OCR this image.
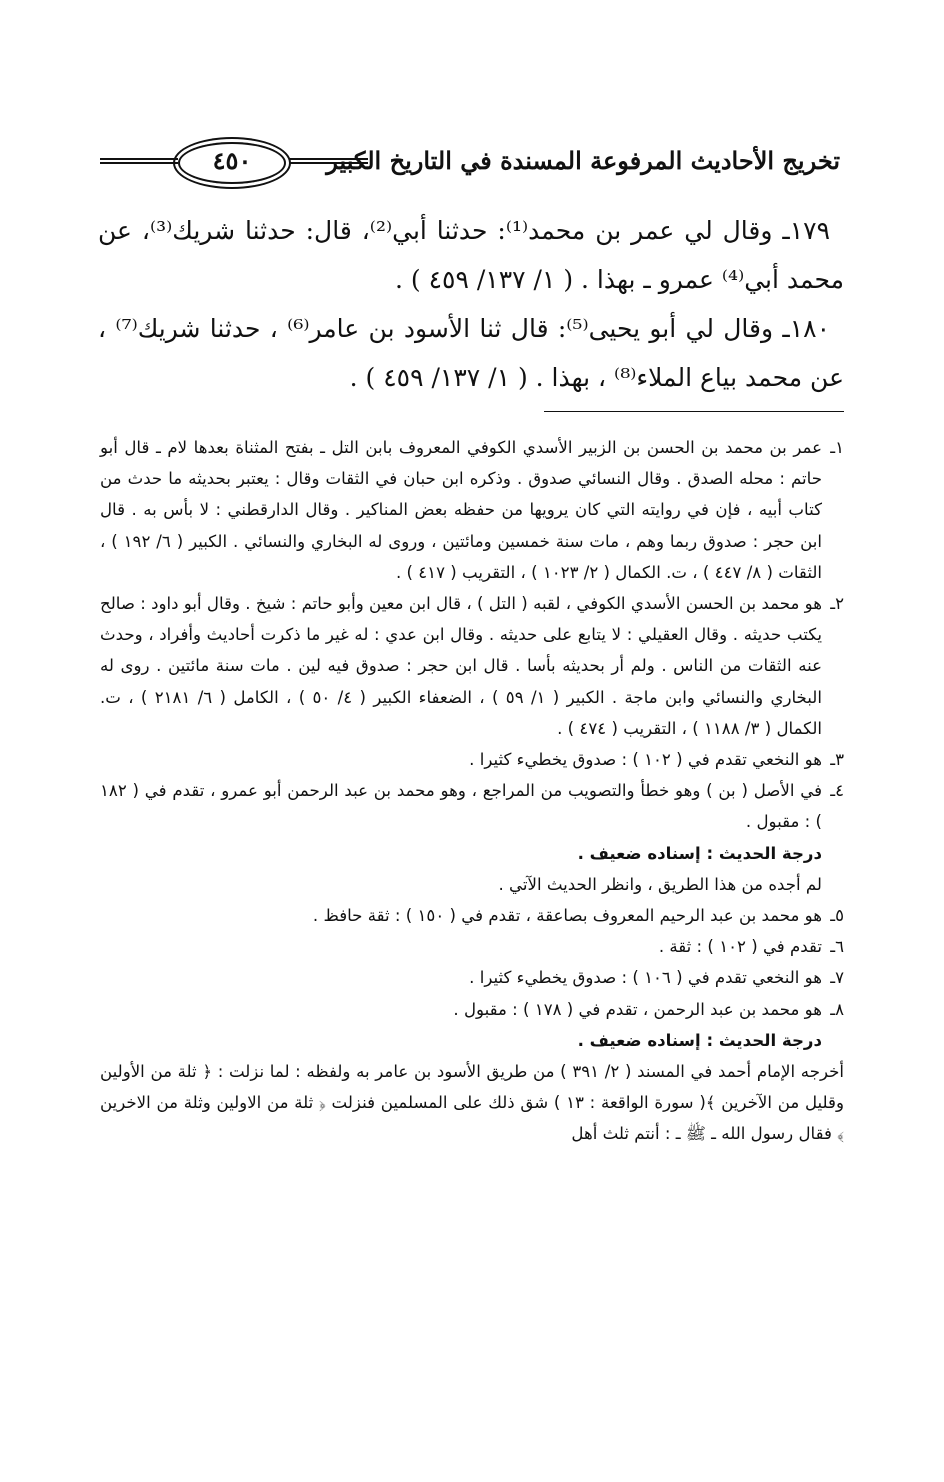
تخريج الأحاديث المرفوعة المسندة في التاريخ الكبير
٤٥٠

١٧٩ـ وقال لي عمر بن محمد⁽¹⁾: حدثنا أبي⁽²⁾، قال: حدثنا شريك⁽³⁾، عن محمد أبي⁽⁴⁾ عمرو ـ بهذا . ( ١/ ١٣٧/ ٤٥٩ ) .

١٨٠ـ وقال لي أبو يحيى⁽⁵⁾: قال ثنا الأسود بن عامر⁽⁶⁾ ، حدثنا شريك⁽⁷⁾ ، عن محمد بياع الملاء⁽⁸⁾ ، بهذا . ( ١/ ١٣٧/ ٤٥٩ ) .

١ـ
عمر بن محمد بن الحسن بن الزبير الأسدي الكوفي المعروف بابن التل ـ بفتح المثناة بعدها لام ـ قال أبو حاتم : محله الصدق . وقال النسائي صدوق . وذكره ابن حبان في الثقات وقال : يعتبر بحديثه ما حدث من كتاب أبيه ، فإن في روايته التي كان يرويها من حفظه بعض المناكير . وقال الدارقطني : لا بأس به . قال ابن حجر : صدوق ربما وهم ، مات سنة خمسين ومائتين ، وروى له البخاري والنسائي . الكبير ( ٦/ ١٩٢ ) ، الثقات ( ٨/ ٤٤٧ ) ، ت. الكمال ( ٢/ ١٠٢٣ ) ، التقريب ( ٤١٧ ) .

٢ـ
هو محمد بن الحسن الأسدي الكوفي ، لقبه ( التل ) ، قال ابن معين وأبو حاتم : شيخ . وقال أبو داود : صالح يكتب حديثه . وقال العقيلي : لا يتابع على حديثه . وقال ابن عدي : له غير ما ذكرت أحاديث وأفراد ، وحدث عنه الثقات من الناس . ولم أر بحديثه بأسا . قال ابن حجر : صدوق فيه لين . مات سنة مائتين . روى له البخاري والنسائي وابن ماجة . الكبير ( ١/ ٥٩ ) ، الضعفاء الكبير ( ٤/ ٥٠ ) ، الكامل ( ٦/ ٢١٨١ ) ، ت. الكمال ( ٣/ ١١٨٨ ) ، التقريب ( ٤٧٤ ) .

٣ـ
هو النخعي تقدم في ( ١٠٢ ) : صدوق يخطيء كثيرا .

٤ـ
في الأصل ( بن ) وهو خطأ والتصويب من المراجع ، وهو محمد بن عبد الرحمن أبو عمرو ، تقدم في ( ١٨٢ ) : مقبول .

درجة الحديث : إسناده ضعيف .

لم أجده من هذا الطريق ، وانظر الحديث الآتي .

٥ـ
هو محمد بن عبد الرحيم المعروف بصاعقة ، تقدم في ( ١٥٠ ) : ثقة حافظ .

٦ـ
تقدم في ( ١٠٢ ) : ثقة .

٧ـ
هو النخعي تقدم في ( ١٠٦ ) : صدوق يخطيء كثيرا .

٨ـ
هو محمد بن عبد الرحمن ، تقدم في ( ١٧٨ ) : مقبول .

درجة الحديث : إسناده ضعيف .

أخرجه الإمام أحمد في المسند ( ٢/ ٣٩١ ) من طريق الأسود بن عامر به ولفظه : لما نزلت : ﴿ ثلة من الأولين وقليل من الآخرين ﴾( سورة الواقعة : ١٣ ) شق ذلك على المسلمين فنزلت ﴿ ثلة من الاولين وثلة من الاخرين ﴾ فقال رسول الله ـ ﷺ ـ : أنتم ثلث أهل
